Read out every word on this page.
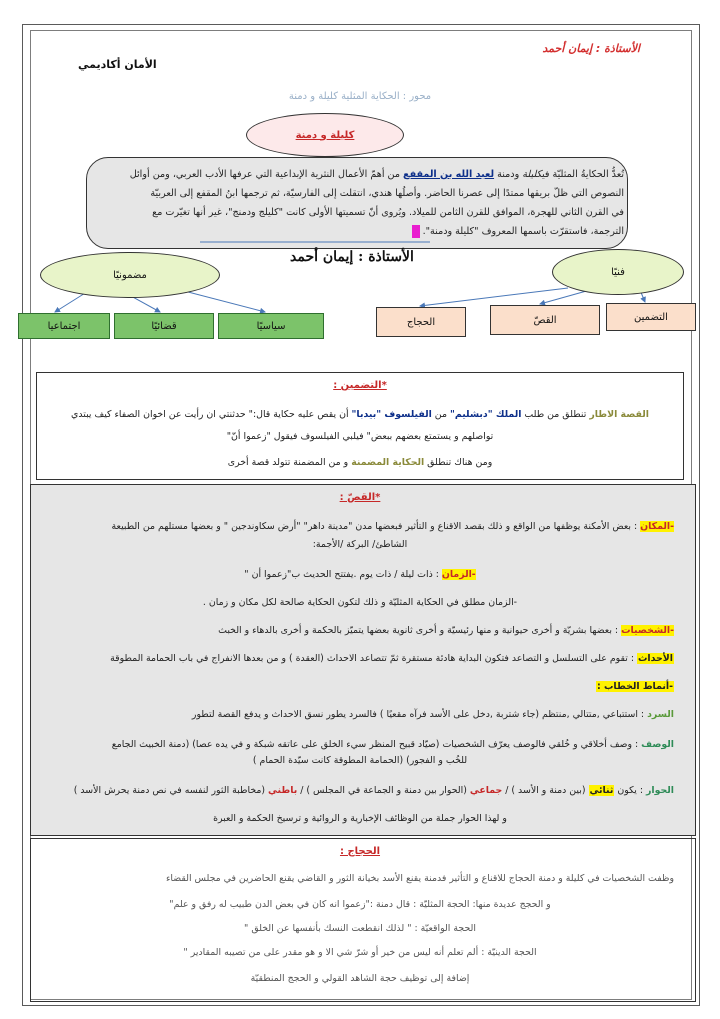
الأستاذة : إيمان أحمد
الأمان أكاديمي
محور : الحكاية المثلية كليلة و دمنة
كليلة و دمنة
تُعدُّ الحكايةُ المثليّة فيكليلة ودمنة لعبد الله بن المقفع من أهمّ الأعمال النثرية الإبداعية التي عرفها الأدب العربي، ومن أوائل
النصوص التي ظلّ بريقها ممتدًا إلى عصرنا الحاضر. وأصلُها هندي، انتقلت إلى الفارسيّة، ثم ترجمها ابنُ المقفع إلى العربيّة
في القرن الثاني للهجرة، الموافق للقرن الثامن للميلاد. ويُروى أنّ تسميتها الأولى كانت "كليلج ودمنج"، غير أنها تغيّرت مع
الترجمة، فاستقرّت باسمها المعروف "كليلة ودمنة".
الأستاذة : إيمان أحمد
مضمونيًا	فنيًا
سياسيًا
قضائيًا
اجتماعيا
التضمين
القصّ
الحجاج
*التضمين :
القصة الاطار تنطلق من طلب الملك "دبشليم" من الفيلسوف "بيدبا" أن يقص عليه حكاية قال:" حدثنتي ان رأيت عن اخوان الصفاء كيف يبتدي
تواصلهم و يستمتع بعضهم ببعض" فيلبي الفيلسوف فيقول "زعموا أنّ"
ومن هناك تنطلق الحكاية المضمنة و من المضمنة تتولد قصة أخرى
*القصّ :
-المكان : بعض الأمكنة يوظفها من الواقع و ذلك بقصد الاقناع و التأثير فبعضها مدن "مدينة داهر" "أرض سكاوندجين " و بعضها مستلهم من الطبيعة
الشاطئ/ البركة /الأجمة:
-الزمان : ذات ليلة / ذات يوم .يفتتح الحديث ب"زعموا أن "
-الزمان مطلق في الحكاية المثليّة و ذلك لتكون الحكاية صالحة لكل مكان و زمان .
-الشخصيات : بعضها بشريّة و أخرى حيوانية و منها رئيسيّة و أخرى ثانوية بعضها يتميّز بالحكمة و أخرى بالدهاء و الخبث
الأحداث : تقوم على التسلسل و التصاعد فتكون البداية هادئة مستقرة ثمّ تتصاعد الاحداث (العقدة ) و من بعدها الانفراج في باب الحمامة المطوقة
-أنماط الخطاب :
السرد : استتباعي ,متتالي ,منتظم (جاء شتربة ,دخل على الأسد فرآه مقعيًا ) فالسرد يطور نسق الاحداث و يدفع القصة لتطور
الوصف : وصف أخلاقي و خُلقي فالوصف يعرّف الشخصيات (صيّاد قبيح المنظر سيء الخلق على عاتقه شبكة و في يده عصا) (دمنة الخبيث الجامع
للخُب و الفجور) (الحمامة المطوقة كانت سيّدة الحمام )
الحوار : يكون ثنائي (بين دمنة و الأسد ) / جماعي (الحوار بين دمنة و الجماعة في المجلس ) / باطني (مخاطبة الثور لنفسه في نص دمنة يحرش الأسد )
و لهذا الحوار جملة من الوظائف الإخبارية و الروائية و ترسيخ الحكمة و العبرة
الحجاج :
وظفت الشخصيات في كليلة و دمنة الحجاج للاقناع و التأثير فدمنة يقنع الأسد بخيانة الثور و القاضي يقنع الحاضرين في مجلس القضاء
و الحجج عديدة منها: الحجة المثليّة : قال دمنة :"زعموا انه كان في بعض الدن طبيب له رفق و علم"
الحجة الواقعيّة : " لذلك انقطعت النسك بأنفسها عن الخلق "
الحجة الدينيّة : ألم تعلم أنه ليس من خير أو شرّ شي الا و هو مقدر على من تصيبه المقادير "
إضافة إلى توظيف حجة الشاهد القولي و الحجج المنطقيّة
